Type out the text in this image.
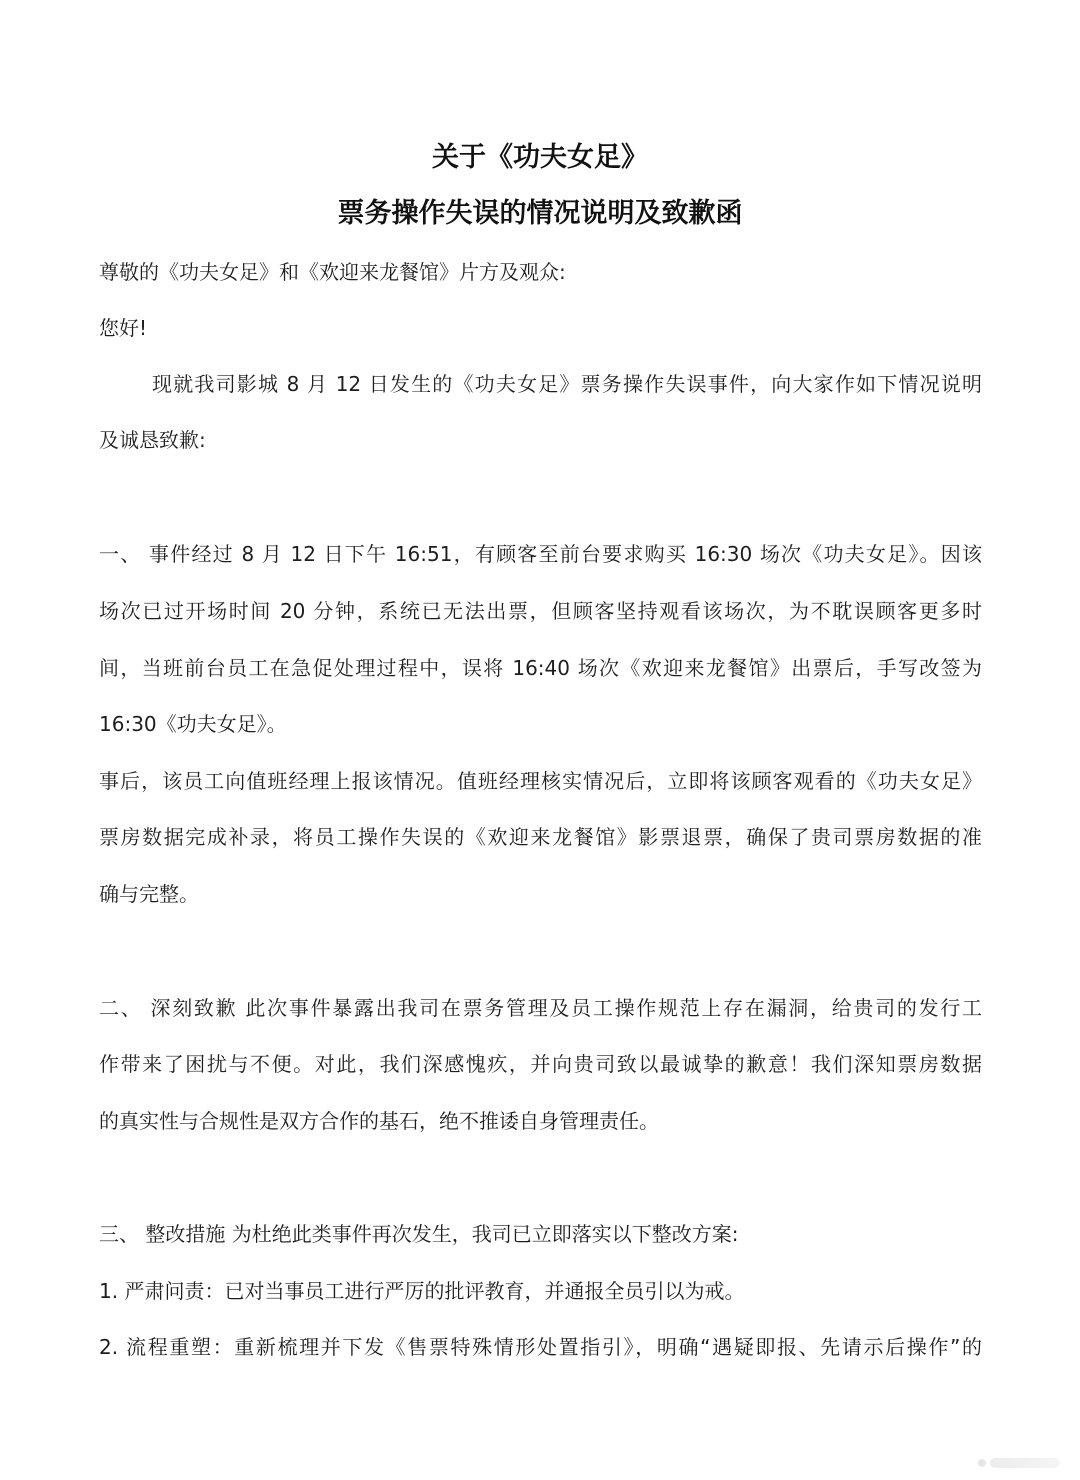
关于《功夫女足》
票务操作失误的情况说明及致歉函
尊敬的《功夫女足》和《欢迎来龙餐馆》片方及观众:
您好!
现就我司影城 8 月 12 日发生的《功夫女足》票务操作失误事件，向大家作如下情况说明
及诚恳致歉:
一、 事件经过 8 月 12 日下午 16:51，有顾客至前台要求购买 16:30 场次《功夫女足》。因该
场次已过开场时间 20 分钟，系统已无法出票，但顾客坚持观看该场次，为不耽误顾客更多时
间，当班前台员工在急促处理过程中，误将 16:40 场次《欢迎来龙餐馆》出票后，手写改签为
16:30《功夫女足》。
事后，该员工向值班经理上报该情况。值班经理核实情况后，立即将该顾客观看的《功夫女足》
票房数据完成补录，将员工操作失误的《欢迎来龙餐馆》影票退票，确保了贵司票房数据的准
确与完整。
二、 深刻致歉 此次事件暴露出我司在票务管理及员工操作规范上存在漏洞，给贵司的发行工
作带来了困扰与不便。对此，我们深感愧疚，并向贵司致以最诚挚的歉意！我们深知票房数据
的真实性与合规性是双方合作的基石，绝不推诿自身管理责任。
三、 整改措施 为杜绝此类事件再次发生，我司已立即落实以下整改方案:
1. 严肃问责：已对当事员工进行严厉的批评教育，并通报全员引以为戒。
2. 流程重塑：重新梳理并下发《售票特殊情形处置指引》，明确“遇疑即报、先请示后操作”的
